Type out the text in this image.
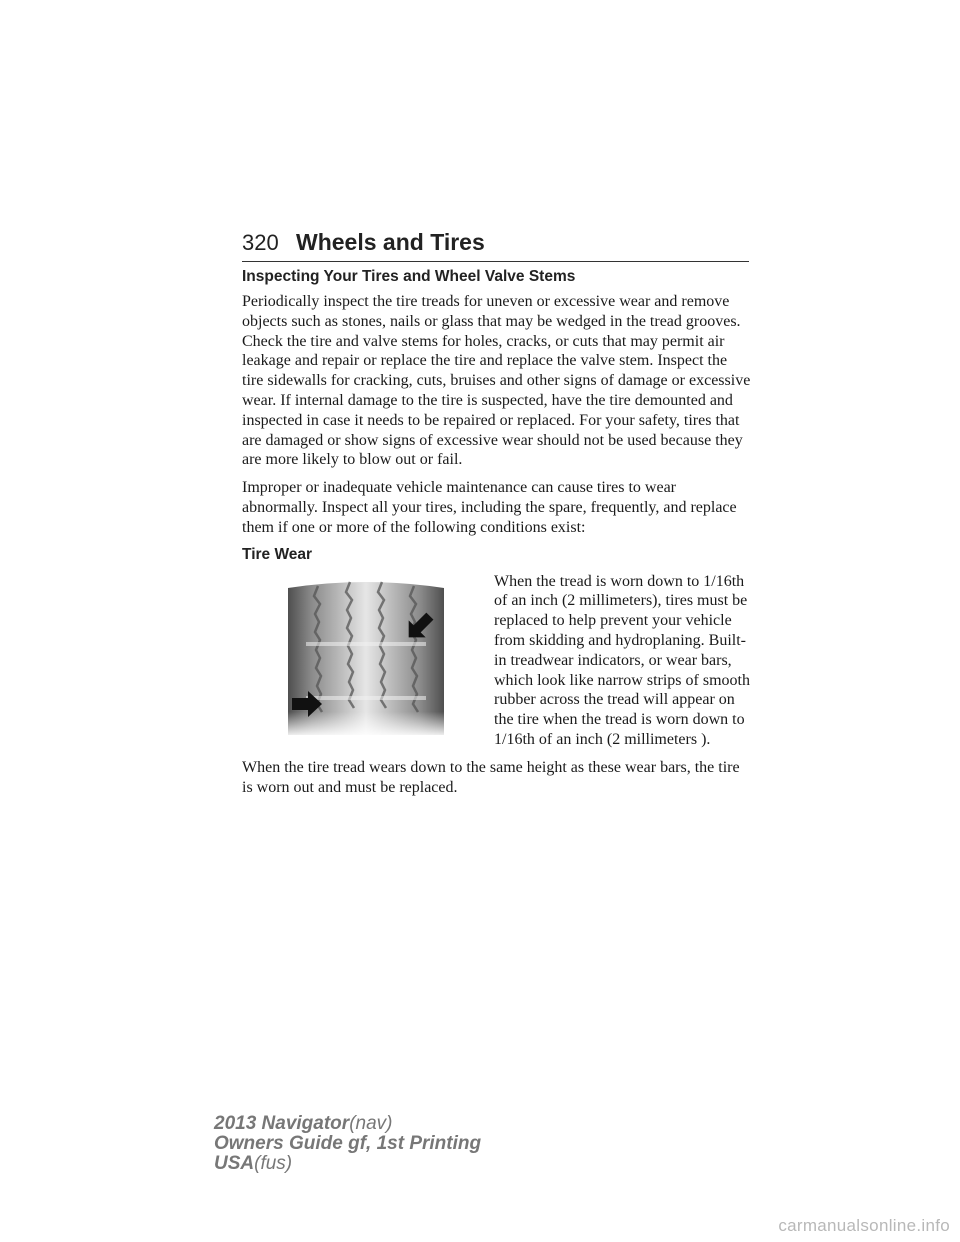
320 Wheels and Tires
Inspecting Your Tires and Wheel Valve Stems

Periodically inspect the tire treads for uneven or excessive wear and remove objects such as stones, nails or glass that may be wedged in the tread grooves. Check the tire and valve stems for holes, cracks, or cuts that may permit air leakage and repair or replace the tire and replace the valve stem. Inspect the tire sidewalls for cracking, cuts, bruises and other signs of damage or excessive wear. If internal damage to the tire is suspected, have the tire demounted and inspected in case it needs to be repaired or replaced. For your safety, tires that are damaged or show signs of excessive wear should not be used because they are more likely to blow out or fail.

Improper or inadequate vehicle maintenance can cause tires to wear abnormally. Inspect all your tires, including the spare, frequently, and replace them if one or more of the following conditions exist:

Tire Wear

When the tread is worn down to 1/16th of an inch (2 millimeters), tires must be replaced to help prevent your vehicle from skidding and hydroplaning. Built-in treadwear indicators, or wear bars, which look like narrow strips of smooth rubber across the tread will appear on the tire when the tread is worn down to 1/16th of an inch (2 millimeters ).

When the tire tread wears down to the same height as these wear bars, the tire is worn out and must be replaced.

2013 Navigator(nav)
Owners Guide gf, 1st Printing
USA(fus)
carmanualsonline.info
